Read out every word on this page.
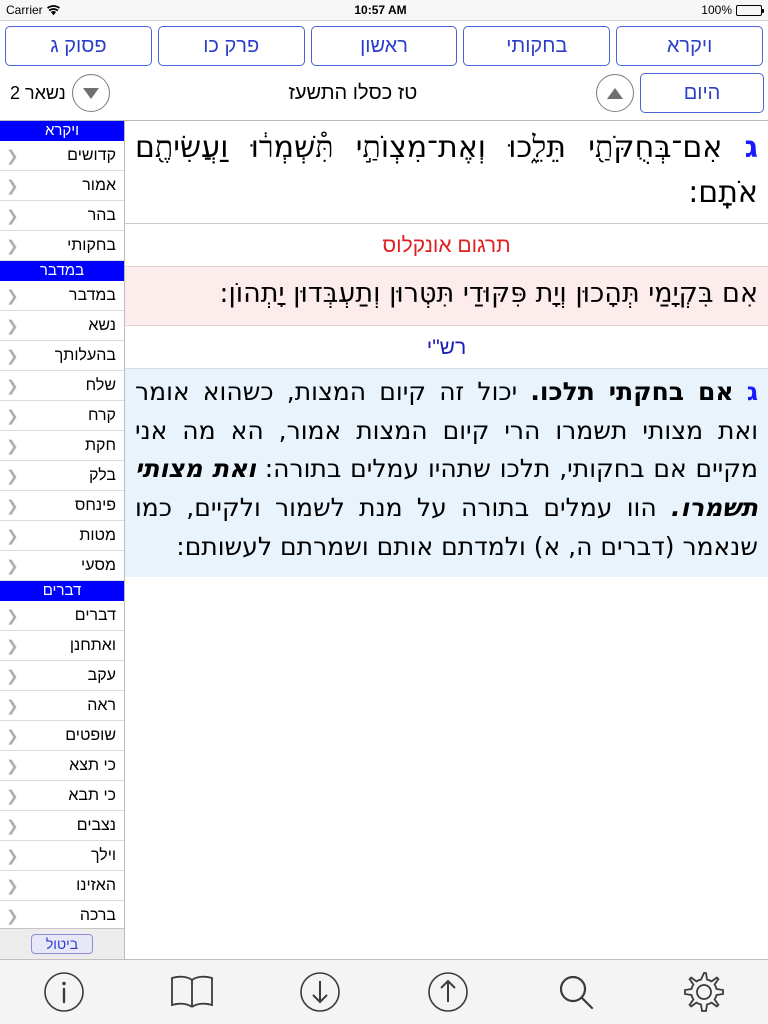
Carrier	10:57 AM	100%
פסוק ג	פרק כו	ראשון	בחקותי	ויקרא
היום
טז כסלו התשעז
נשאר 2
ויקרא
קדושים
❯
אמור
❯
בהר
❯
בחקותי
❯
במדבר
במדבר
❯
נשא
❯
בהעלותך
❯
שלח
❯
קרח
❯
חקת
❯
בלק
❯
פינחס
❯
מטות
❯
מסעי
❯
דברים
דברים
❯
ואתחנן
❯
עקב
❯
ראה
❯
שופטים
❯
כי תצא
❯
כי תבא
❯
נצבים
❯
וילך
❯
האזינו
❯
ברכה
❯
ביטול
ג אִם־בְּחֻקֹּתַ֖י תֵּלֵ֑כוּ וְאֶת־מִצְוֺתַ֣י תִּ֯שְׁמְר֔וּ וַעֲשִׂיתֶ֖ם אֹתָֽם:
תרגום אונקלוס
אִם בִּקְיָמַי תְּהָכוּן וְיָת פִּקּוּדַי תִּטְּרוּן וְתַעְבְּדוּן יָתְהוֹן:
רש"י
ג אם בחקתי תלכו. יכול זה קיום המצות, כשהוא אומר ואת מצותי תשמרו הרי קיום המצות אמור, הא מה אני מקיים אם בחקותי, תלכו שתהיו עמלים בתורה: ואת מצותי תשמרו. הוו עמלים בתורה על מנת לשמור ולקיים, כמו שנאמר (דברים ה, א) ולמדתם אותם ושמרתם לעשותם:
